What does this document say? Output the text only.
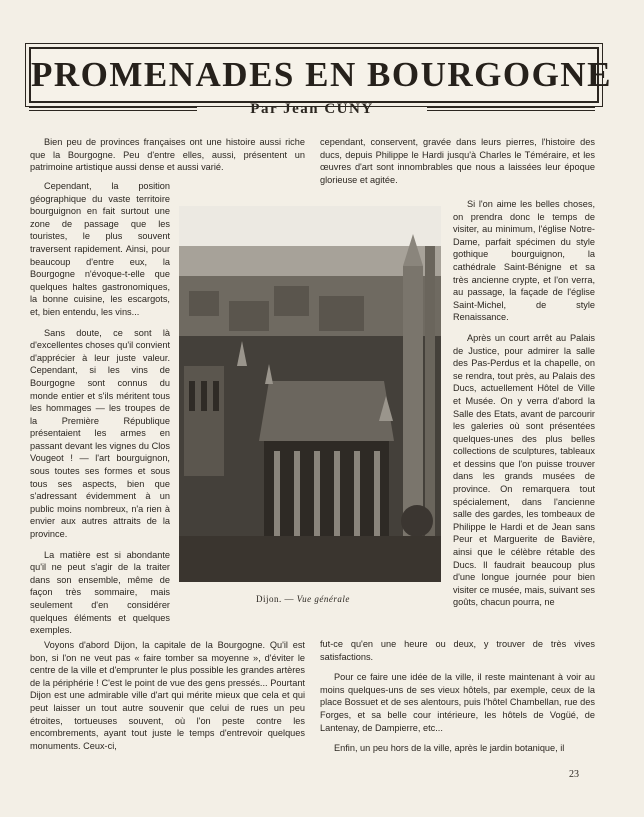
PROMENADES EN BOURGOGNE
Par Jean CUNY

Bien peu de provinces françaises ont une histoire aussi riche que la Bourgogne. Peu d'entre elles, aussi, présentent un patrimoine artistique aussi dense et aussi varié.

Cependant, la position géographique du vaste territoire bourguignon en fait surtout une zone de passage que les touristes, le plus souvent traversent rapidement. Ainsi, pour beaucoup d'entre eux, la Bourgogne n'évoque-t-elle que quelques haltes gastronomiques, la bonne cuisine, les escargots, et, bien entendu, les vins...

Sans doute, ce sont là d'excellentes choses qu'il convient d'apprécier à leur juste valeur. Cependant, si les vins de Bourgogne sont connus du monde entier et s'ils méritent tous les hommages — les troupes de la Première République présentaient les armes en passant devant les vignes du Clos Vougeot ! — l'art bourguignon, sous toutes ses formes et sous tous ses aspects, bien que s'adressant évidemment à un public moins nombreux, n'a rien à envier aux autres attraits de la province.

La matière est si abondante qu'il ne peut s'agir de la traiter dans son ensemble, même de façon très sommaire, mais seulement d'en considérer quelques éléments et quelques exemples.

cependant, conservent, gravée dans leurs pierres, l'histoire des ducs, depuis Philippe le Hardi jusqu'à Charles le Téméraire, et les œuvres d'art sont innombrables que nous a laissées leur époque glorieuse et agitée.

Si l'on aime les belles choses, on prendra donc le temps de visiter, au minimum, l'église Notre-Dame, parfait spécimen du style gothique bourguignon, la cathédrale Saint-Bénigne et sa très ancienne crypte, et l'on verra, au passage, la façade de l'église Saint-Michel, de style Renaissance.

Après un court arrêt au Palais de Justice, pour admirer la salle des Pas-Perdus et la chapelle, on se rendra, tout près, au Palais des Ducs, actuellement Hôtel de Ville et Musée. On y verra d'abord la Salle des Etats, avant de parcourir les galeries où sont présentées quelques-unes des plus belles collections de sculptures, tableaux et dessins que l'on puisse trouver dans les grands musées de province. On remarquera tout spécialement, dans l'ancienne salle des gardes, les tombeaux de Philippe le Hardi et de Jean sans Peur et Marguerite de Bavière, ainsi que le célèbre rétable des Ducs. Il faudrait beaucoup plus d'une longue journée pour bien visiter ce musée, mais, suivant ses goûts, chacun pourra, ne

Dijon. — Vue générale

Voyons d'abord Dijon, la capitale de la Bourgogne. Qu'il est bon, si l'on ne veut pas « faire tomber sa moyenne », d'éviter le centre de la ville et d'emprunter le plus possible les grandes artères de la périphérie ! C'est le point de vue des gens pressés... Pourtant Dijon est une admirable ville d'art qui mérite mieux que cela et qui peut laisser un tout autre souvenir que celui de rues un peu étroites, tortueuses souvent, où l'on peste contre les encombrements, ayant tout juste le temps d'entrevoir quelques monuments. Ceux-ci,

fut-ce qu'en une heure ou deux, y trouver de très vives satisfactions.

Pour ce faire une idée de la ville, il reste maintenant à voir au moins quelques-uns de ses vieux hôtels, par exemple, ceux de la place Bossuet et de ses alentours, puis l'hôtel Chambellan, rue des Forges, et sa belle cour intérieure, les hôtels de Vogüé, de Lantenay, de Dampierre, etc...

Enfin, un peu hors de la ville, après le jardin botanique, il

23
